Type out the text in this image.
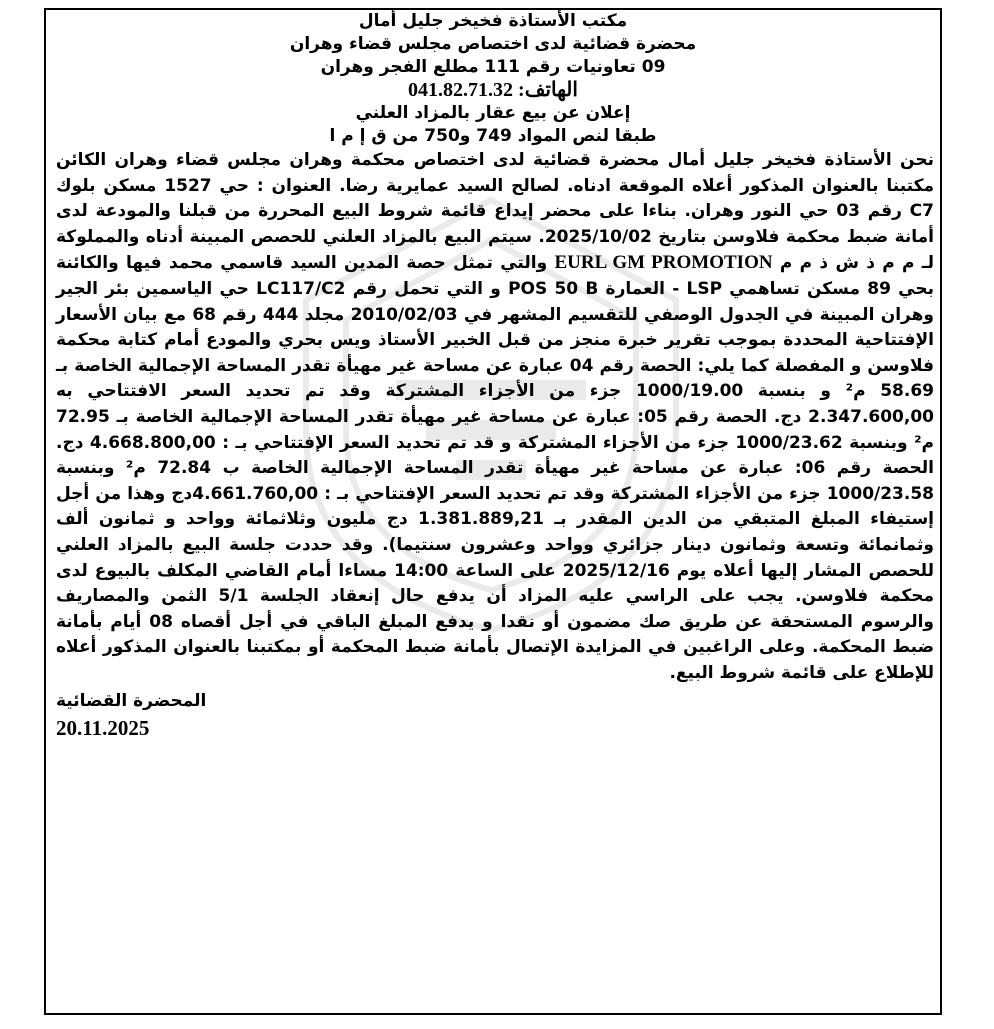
مكتب الأستاذة فخيخر جليل أمال
محضرة قضائية لدى اختصاص مجلس قضاء وهران
09 تعاونيات رقم 111 مطلع الفجر وهران
الهاتف: 041.82.71.32
إعلان عن بيع عقار بالمزاد العلني
طبقا لنص المواد 749 و750 من ق إ م ا
نحن الأستاذة فخيخر جليل أمال محضرة قضائية لدى اختصاص محكمة وهران مجلس قضاء وهران الكائن مكتبنا بالعنوان المذكور أعلاه الموقعة ادناه. لصالح السيد عمايرية رضا. العنوان : حي 1527 مسكن بلوك C7 رقم 03 حي النور وهران. بناءا على محضر إيداع قائمة شروط البيع المحررة من قبلنا والمودعة لدى أمانة ضبط محكمة فلاوسن بتاريخ 2025/10/02. سيتم البيع بالمزاد العلني للحصص المبينة أدناه والمملوكة لـ م م ذ ش ذ م م EURL GM PROMOTION والتي تمثل حصة المدين السيد قاسمي محمد فيها والكائنة بحي 89 مسكن تساهمي LSP - العمارة POS 50 B و التي تحمل رقم LC117/C2 حي الياسمين بئر الجير وهران المبينة في الجدول الوصفي للتقسيم المشهر في 2010/02/03 مجلد 444 رقم 68 مع بيان الأسعار الإفتتاحية المحددة بموجب تقرير خبرة منجز من قبل الخبير الأستاذ ويس بحري والمودع أمام كتابة محكمة فلاوسن و المفصلة كما يلي: الحصة رقم 04 عبارة عن مساحة غير مهيأة تقدر المساحة الإجمالية الخاصة بـ 58.69 م² و بنسبة 1000/19.00 جزء من الأجزاء المشتركة وقد تم تحديد السعر الافتتاحي به 2.347.600,00 دج. الحصة رقم 05: عبارة عن مساحة غير مهيأة تقدر المساحة الإجمالية الخاصة بـ 72.95 م² وبنسبة 1000/23.62 جزء من الأجزاء المشتركة و قد تم تحديد السعر الإفتتاحي بـ : 4.668.800,00 دج. الحصة رقم 06: عبارة عن مساحة غير مهيأة تقدر المساحة الإجمالية الخاصة ب 72.84 م² وبنسبة 1000/23.58 جزء من الأجزاء المشتركة وقد تم تحديد السعر الإفتتاحي بـ : 4.661.760,00دج وهذا من أجل إستيفاء المبلغ المتبقي من الدين المقدر بـ 1.381.889,21 دج مليون وثلاثمائة وواحد و ثمانون ألف وثمانمائة وتسعة وثمانون دينار جزائري وواحد وعشرون سنتيما). وقد حددت جلسة البيع بالمزاد العلني للحصص المشار إليها أعلاه يوم 2025/12/16 على الساعة 14:00 مساءا أمام القاضي المكلف بالبيوع لدى محكمة فلاوسن. يجب على الراسي عليه المزاد أن يدفع حال إنعقاد الجلسة 5/1 الثمن والمصاريف والرسوم المستحقة عن طريق صك مضمون أو نقدا و يدفع المبلغ الباقي في أجل أقصاه 08 أيام بأمانة ضبط المحكمة. وعلى الراغبين في المزايدة الإتصال بأمانة ضبط المحكمة أو بمكتبنا بالعنوان المذكور أعلاه للإطلاع على قائمة شروط البيع.
المحضرة القضائية
20.11.2025
